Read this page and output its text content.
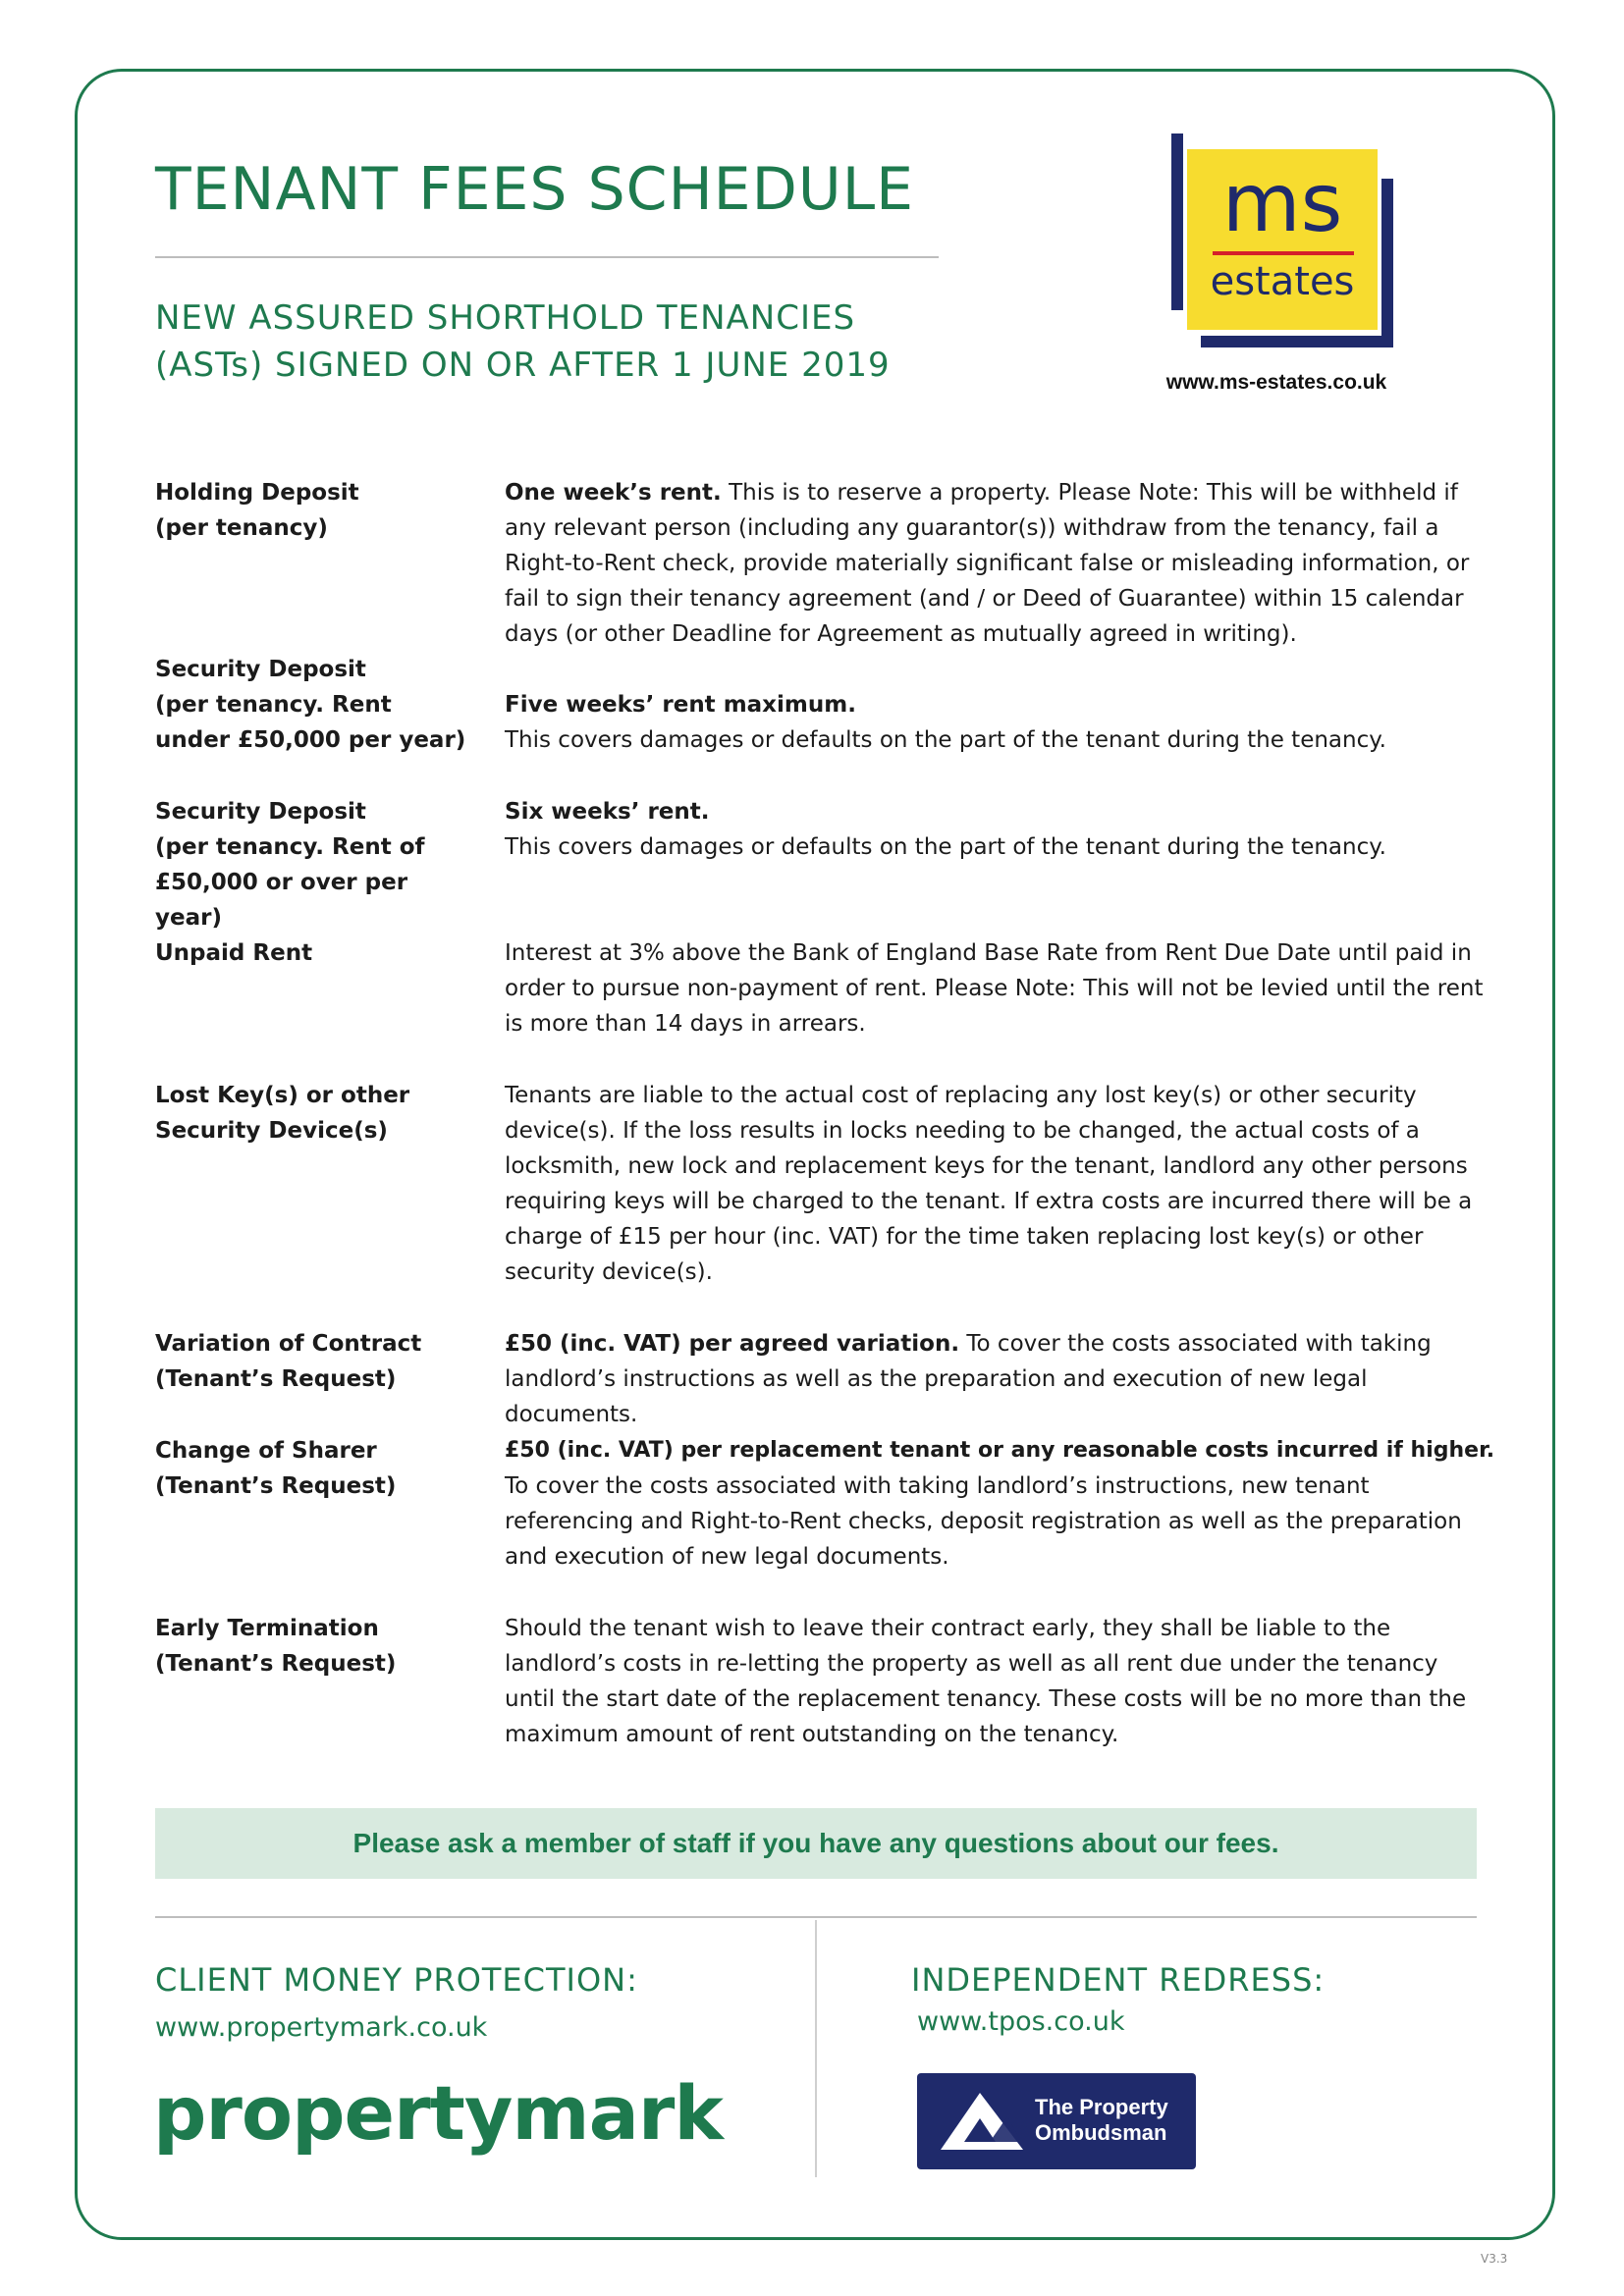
TENANT FEES SCHEDULE
NEW ASSURED SHORTHOLD TENANCIES
(ASTs) SIGNED ON OR AFTER 1 JUNE 2019
ms
estates
www.ms-estates.co.uk
Holding Deposit
(per tenancy)
One week’s rent. This is to reserve a property. Please Note: This will be withheld if any relevant person (including any guarantor(s)) withdraw from the tenancy, fail a Right-to-Rent check, provide materially significant false or misleading information, or fail to sign their tenancy agreement (and / or Deed of Guarantee) within 15 calendar days (or other Deadline for Agreement as mutually agreed in writing).
Security Deposit
(per tenancy. Rent
under £50,000 per year)
Five weeks’ rent maximum.
This covers damages or defaults on the part of the tenant during the tenancy.
Security Deposit
(per tenancy. Rent of
£50,000 or over per year)
Six weeks’ rent.
This covers damages or defaults on the part of the tenant during the tenancy.
Unpaid Rent	Interest at 3% above the Bank of England Base Rate from Rent Due Date until paid in order to pursue non-payment of rent. Please Note: This will not be levied until the rent is more than 14 days in arrears.
Lost Key(s) or other
Security Device(s)
Tenants are liable to the actual cost of replacing any lost key(s) or other security device(s). If the loss results in locks needing to be changed, the actual costs of a locksmith, new lock and replacement keys for the tenant, landlord any other persons requiring keys will be charged to the tenant. If extra costs are incurred there will be a charge of £15 per hour (inc. VAT) for the time taken replacing lost key(s) or other security device(s).
Variation of Contract
(Tenant’s Request)
£50 (inc. VAT) per agreed variation. To cover the costs associated with taking landlord’s instructions as well as the preparation and execution of new legal documents.
Change of Sharer
(Tenant’s Request)
£50 (inc. VAT) per replacement tenant or any reasonable costs incurred if higher.
To cover the costs associated with taking landlord’s instructions, new tenant referencing and Right-to-Rent checks, deposit registration as well as the preparation and execution of new legal documents.
Early Termination
(Tenant’s Request)
Should the tenant wish to leave their contract early, they shall be liable to the landlord’s costs in re-letting the property as well as all rent due under the tenancy until the start date of the replacement tenancy. These costs will be no more than the maximum amount of rent outstanding on the tenancy.
Please ask a member of staff if you have any questions about our fees.
CLIENT MONEY PROTECTION:
www.propertymark.co.uk
propertymark
INDEPENDENT REDRESS:
www.tpos.co.uk
The Property
Ombudsman
V3.3
